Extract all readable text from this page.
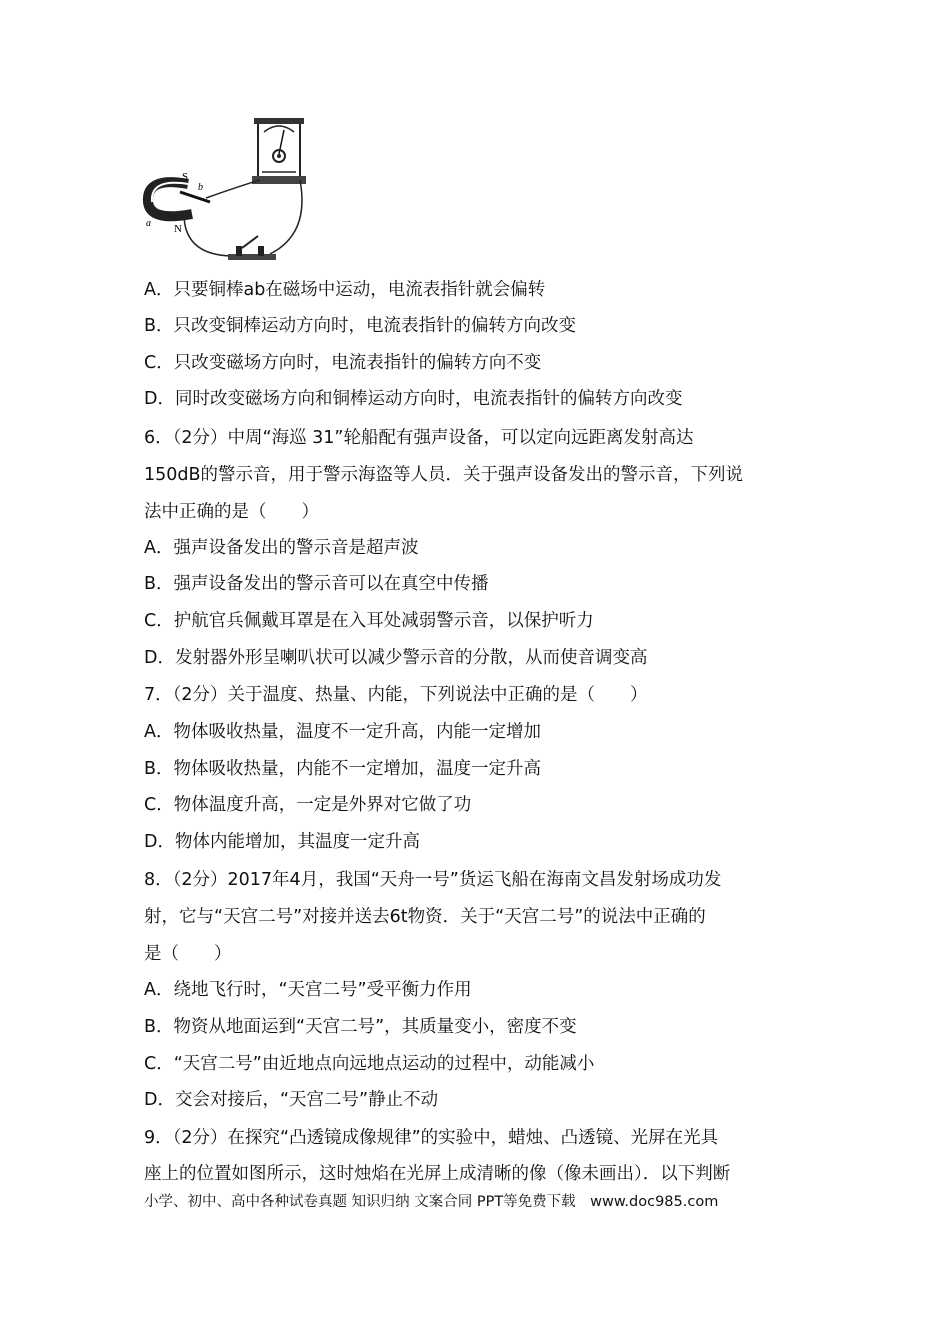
S
b
a N
A．只要铜棒ab在磁场中运动，电流表指针就会偏转
B．只改变铜棒运动方向时，电流表指针的偏转方向改变
C．只改变磁场方向时，电流表指针的偏转方向不变
D．同时改变磁场方向和铜棒运动方向时，电流表指针的偏转方向改变
6．（2分）中周“海巡 31”轮船配有强声设备，可以定向远距离发射高达
150dB的警示音，用于警示海盗等人员．关于强声设备发出的警示音，下列说
法中正确的是（　　）
A．强声设备发出的警示音是超声波
B．强声设备发出的警示音可以在真空中传播
C．护航官兵佩戴耳罩是在入耳处减弱警示音，以保护听力
D．发射器外形呈喇叭状可以减少警示音的分散，从而使音调变高
7．（2分）关于温度、热量、内能，下列说法中正确的是（　　）
A．物体吸收热量，温度不一定升高，内能一定增加
B．物体吸收热量，内能不一定增加，温度一定升高
C．物体温度升高，一定是外界对它做了功
D．物体内能增加，其温度一定升高
8．（2分）2017年4月，我国“天舟一号”货运飞船在海南文昌发射场成功发
射，它与“天宫二号”对接并送去6t物资．关于“天宫二号”的说法中正确的
是（　　）
A．绕地飞行时，“天宫二号”受平衡力作用
B．物资从地面运到“天宫二号”，其质量变小，密度不变
C．“天宫二号”由近地点向远地点运动的过程中，动能减小
D．交会对接后，“天宫二号”静止不动
9．（2分）在探究“凸透镜成像规律”的实验中，蜡烛、凸透镜、光屏在光具
座上的位置如图所示，这时烛焰在光屏上成清晰的像（像未画出）．以下判断
小学、初中、高中各种试卷真题 知识归纳 文案合同 PPT等免费下载　www.doc985.com
